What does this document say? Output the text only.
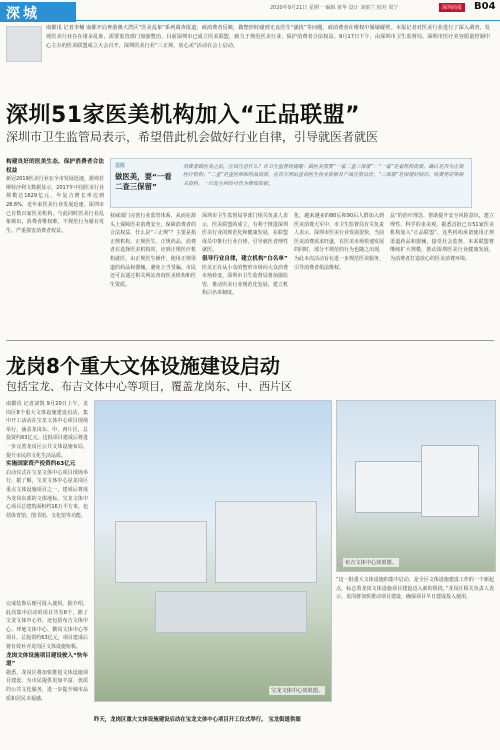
深城	2020年9月21日 星期一 编辑 黄华 设计 刘雨兰 校对 周宁	深圳商报	B04
南都讯 记者李楠 南都开启粤港澳大湾区“医美乱象”系列调查报道，商消费者反映，做整形时碰到无良医生“骚扰”等问题，商消费者在维权中屡屡碰壁。本报记者对医美行业进行了深入调查，发现医美行业存在诸多乱象，需要监管部门加强整治。目前深圳市已成立医美联盟，致力于规范医美行业，保护消费者合法权益。9月17日下午，由深圳市卫生监督局、深圳市医疗美容质量控制中心主办的医美联盟成立大会召开，深圳医美行业“三正规、放心美”活动在会上启动。
深圳51家医美机构加入“正品联盟”
深圳市卫生监管局表示，希望借此机会做好行业自律，引导就医者就医
构建良好的医美生态，保护消费者合法权益
新冠2019医美行业在全市发展迅速，据弗若斯特沙利文数据显示，2017年中国医美行业规模达1629亿元，年复合增长率达到28.6%，近年来医美行业发展迅速，深圳市已有数百家医美机构，与此同时医美行业乱象频出，消费者维权难，不规范行为屡有发生，严重损害消费者权益。
提醒
做医美，要“一看二查三保留”
消费者做医美之前，应该注意什么？市卫生监督局提醒：做医美需要“一看二查三保留”：“一看”是看机构资质，确认是否为正规医疗机构；“二查”是查医师和药品资质，在官方网站查询医生执业资格及产品注册信息；“三保留”是保留好病历、收费凭证等相关资料，一旦发生纠纷可作为维权依据。
权威部门完善行业监管体系，从而在源头上保障医美消费安全，保障消费者的合法权益。什么是“三正规”？主要是指正规机构、正规医生、正规药品，消费者在选择医美机构时，应到正规医疗机构就医，由正规医生操作，使用正规渠道的药品和器械，避免上当受骗。市民还可以通过相关网站查询医美机构和医生资质。
深圳市卫生监督局等部门相关负责人表示，医美联盟的成立，有利于推进深圳医美行业的规范化和健康发展，在联盟成员中推行行业自律，引导就医者理性就医。
倡导行业自律，建立机构“白名单”
医美正在从小众的整形市场向大众消费市场转变，深圳市卫生监督局将加强监管，推动医美行业规范化发展，建立机构白名单制度。
化，越来越多的80后和90后人群加入到医美消费大军中。市卫生监督局有关负责人表示，深圳市医美行业发展很快，当前医美消费需求旺盛，在医美市场快速发展的同时，部分不规范的行为也随之出现，为此本次活动旨在进一步规范医美服务，引导消费者依法维权。
品”的治疗理念，帮助提升安全风险意识，建立理性、科学的求美观。据悉首批已有51家医美机构加入“正品联盟”，这些机构承诺使用正规渠道药品和器械，接受社会监督。未来联盟将继续扩大规模，推动深圳医美行业健康发展，为消费者打造放心的医美消费环境。
龙岗8个重大文体设施建设启动
包括宝龙、布吉文体中心等项目，覆盖龙岗东、中、西片区
南都讯 记者刘凯 9月20日上午，龙岗区8个重大文体设施建设启动，集中开工活动在宝龙文体中心项目现场举行，涵盖龙岗东、中、西片区，总投资约63亿元。这批项目建成后将进一步完善龙岗区公共文体设施布局，提升市民的文化生活品质。
实施国家资产投资约63亿元
启动仪式在宝龙文体中心项目现场举行，据了解，宝龙文体中心是龙岗区重点文体设施项目之一，建成后将成为龙岗东部的文体地标。宝龙文体中心项目总建筑面积约16万平方米，包括体育馆、图书馆、文化馆等功能。
宝龙文体中心效果图。
布吉文体中心效果图。
“这一批重大文体设施的集中启动，是全区文体设施建设工作的一个新起点，标志着龙岗文体设施项目建设迈入新的阶段。”龙岗区相关负责人表示，龙岗将加快推动项目建设，确保项目早日建成投入使用。
完成装饰后便可投入使用。据介绍，此次集中启动的项目共有8个，除了宝龙文体中心外，还包括布吉文体中心、坪地文体中心、横岗文体中心等项目，总投资约63亿元，项目建成后将有效补齐龙岗区文体设施短板。
龙岗文体设施项目建设驶入“快车道”
据悉，龙岗区将加快推进文体设施项目建设，为市民提供更加丰富、优质的公共文化服务，进一步提升城市品质和居民幸福感。
昨天，龙岗区重大文体设施建设启动在宝龙文体中心项目开工仪式举行。 宝龙街道供图
